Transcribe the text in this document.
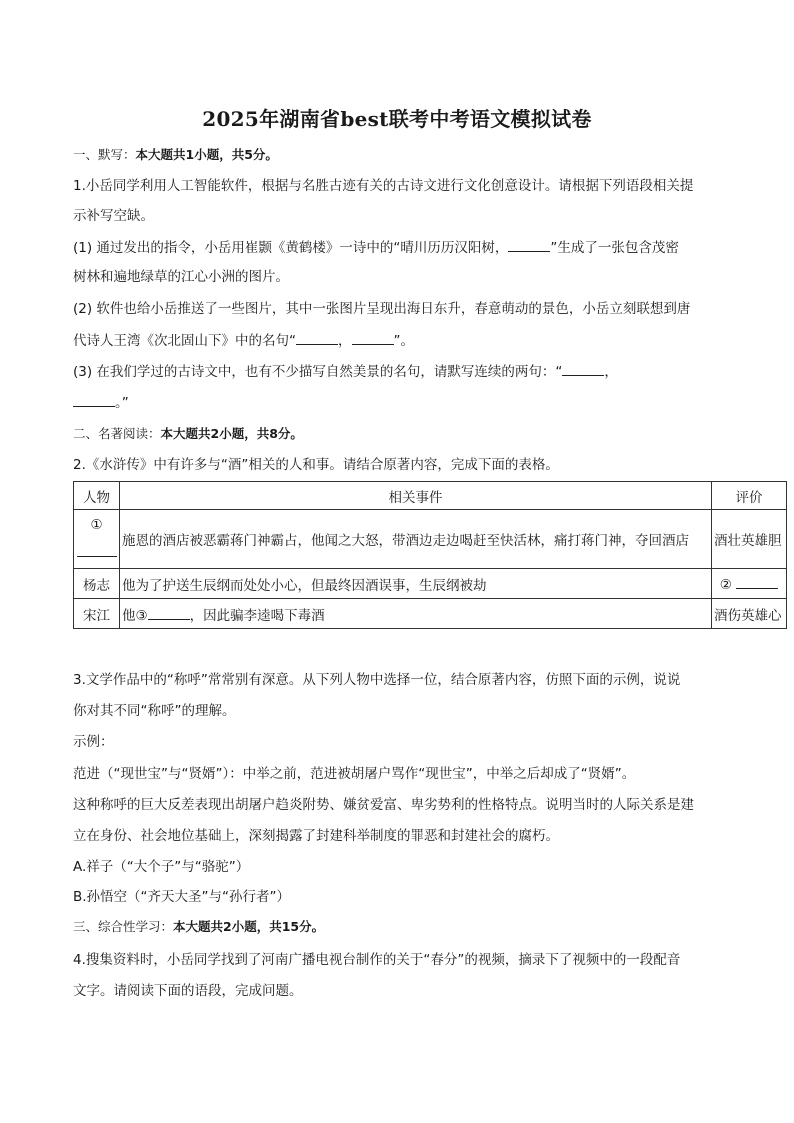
2025年湖南省best联考中考语文模拟试卷
一、默写：本大题共1小题，共5分。
1.小岳同学利用人工智能软件，根据与名胜古迹有关的古诗文进行文化创意设计。请根据下列语段相关提
示补写空缺。
(1) 通过发出的指令，小岳用崔颢《黄鹤楼》一诗中的“晴川历历汉阳树，	”生成了一张包含茂密
树林和遍地绿草的江心小洲的图片。
(2) 软件也给小岳推送了一些图片，其中一张图片呈现出海日东升，春意萌动的景色，小岳立刻联想到唐
代诗人王湾《次北固山下》中的名句“	，	”。
(3) 在我们学过的古诗文中，也有不少描写自然美景的名句，请默写连续的两句：“	，
。”
二、名著阅读：本大题共2小题，共8分。
2.《水浒传》中有许多与“酒”相关的人和事。请结合原著内容，完成下面的表格。
人物	相关事件	评价

①	施恩的酒店被恶霸蒋门神霸占，他闻之大怒，带酒边走边喝赶至快活林，痛打蒋门神，夺回酒店	酒壮英雄胆
杨志	他为了护送生辰纲而处处小心，但最终因酒误事，生辰纲被劫	②
宋江	他③ ，因此骗李逵喝下毒酒	酒伤英雄心
3.文学作品中的“称呼”常常别有深意。从下列人物中选择一位，结合原著内容，仿照下面的示例，说说
你对其不同“称呼”的理解。
示例：
范进（“现世宝”与“贤婿”）：中举之前，范进被胡屠户骂作“现世宝”，中举之后却成了“贤婿”。
这种称呼的巨大反差表现出胡屠户趋炎附势、嫌贫爱富、卑劣势利的性格特点。说明当时的人际关系是建
立在身份、社会地位基础上，深刻揭露了封建科举制度的罪恶和封建社会的腐朽。
A.祥子（“大个子”与“骆驼”）
B.孙悟空（“齐天大圣”与“孙行者”）
三、综合性学习：本大题共2小题，共15分。
4.搜集资料时，小岳同学找到了河南广播电视台制作的关于“春分”的视频，摘录下了视频中的一段配音
文字。请阅读下面的语段，完成问题。
